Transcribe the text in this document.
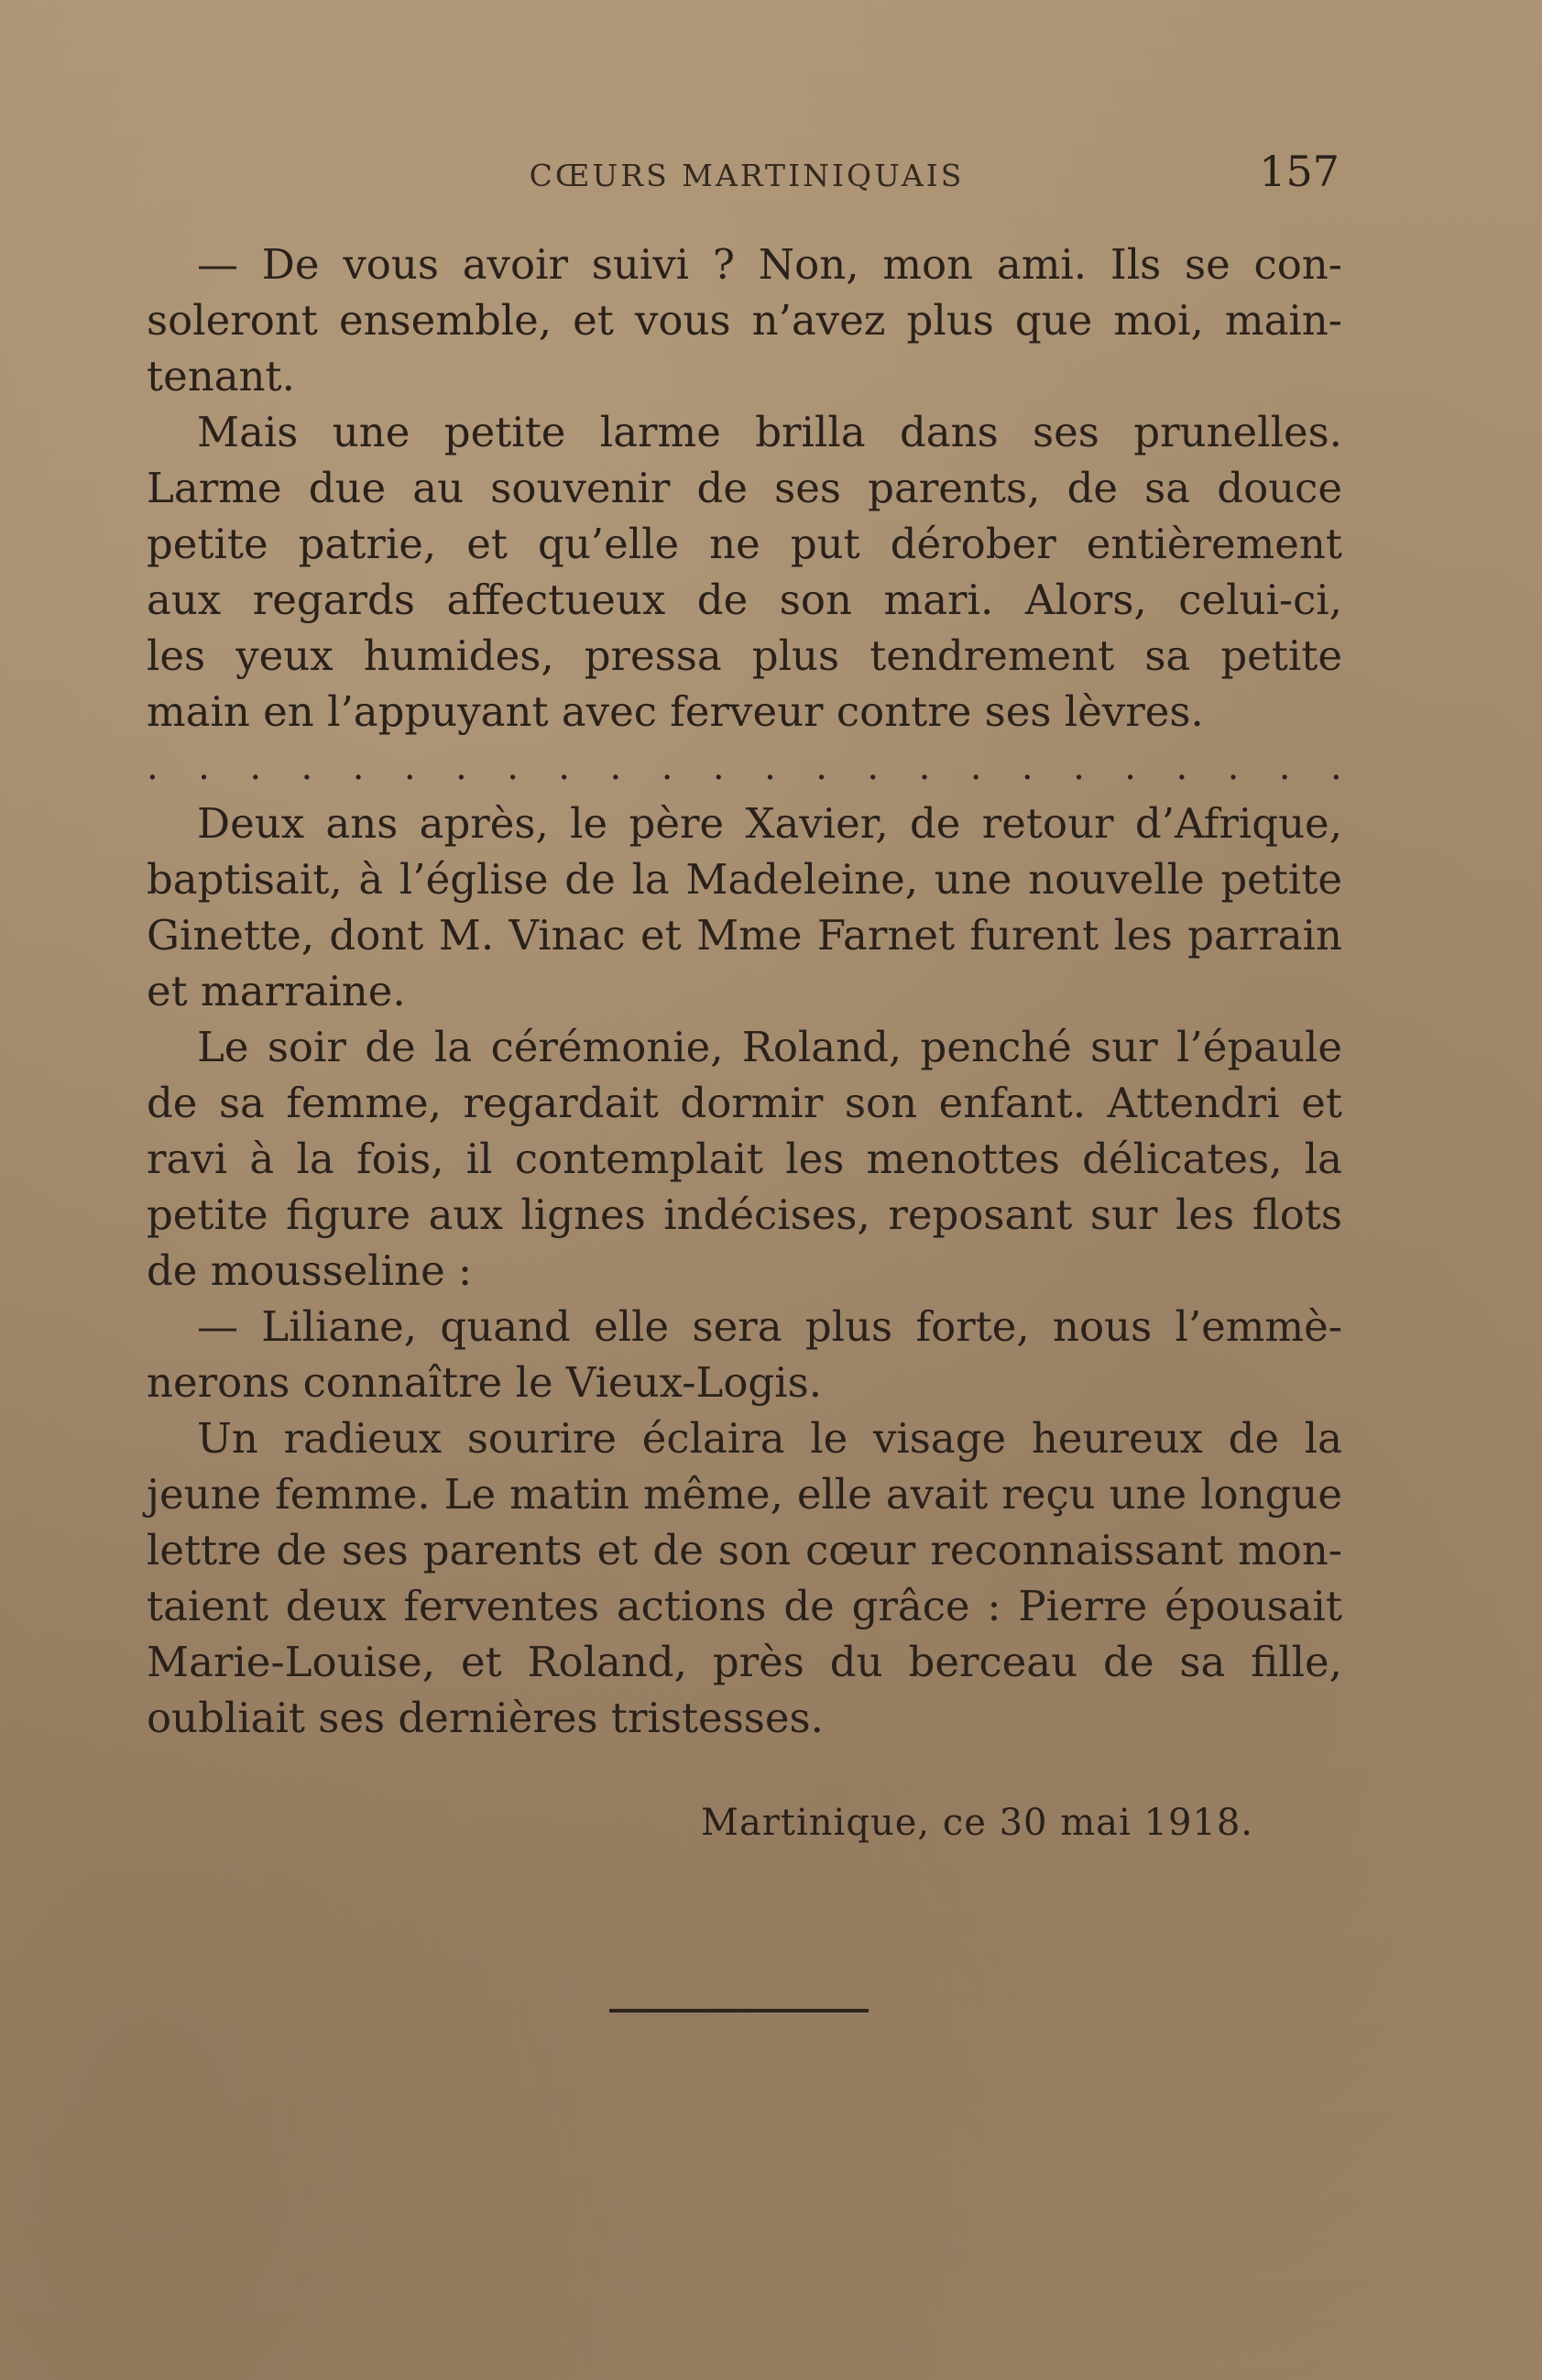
CŒURS MARTINIQUAIS	157
— De vous avoir suivi ? Non, mon ami. Ils se con-
soleront ensemble, et vous n’avez plus que moi, main-
tenant.
Mais une petite larme brilla dans ses prunelles.
Larme due au souvenir de ses parents, de sa douce
petite patrie, et qu’elle ne put dérober entièrement
aux regards affectueux de son mari. Alors, celui-ci,
les yeux humides, pressa plus tendrement sa petite
main en l’appuyant avec ferveur contre ses lèvres.
. . . . . . . . . . . . . . . . . . . . . . . .
Deux ans après, le père Xavier, de retour d’Afrique,
baptisait, à l’église de la Madeleine, une nouvelle petite
Ginette, dont M. Vinac et Mme Farnet furent les parrain
et marraine.
Le soir de la cérémonie, Roland, penché sur l’épaule
de sa femme, regardait dormir son enfant. Attendri et
ravi à la fois, il contemplait les menottes délicates, la
petite figure aux lignes indécises, reposant sur les flots
de mousseline :
— Liliane, quand elle sera plus forte, nous l’emmè-
nerons connaître le Vieux-Logis.
Un radieux sourire éclaira le visage heureux de la
jeune femme. Le matin même, elle avait reçu une longue
lettre de ses parents et de son cœur reconnaissant mon-
taient deux ferventes actions de grâce : Pierre épousait
Marie-Louise, et Roland, près du berceau de sa fille,
oubliait ses dernières tristesses.
Martinique, ce 30 mai 1918.
